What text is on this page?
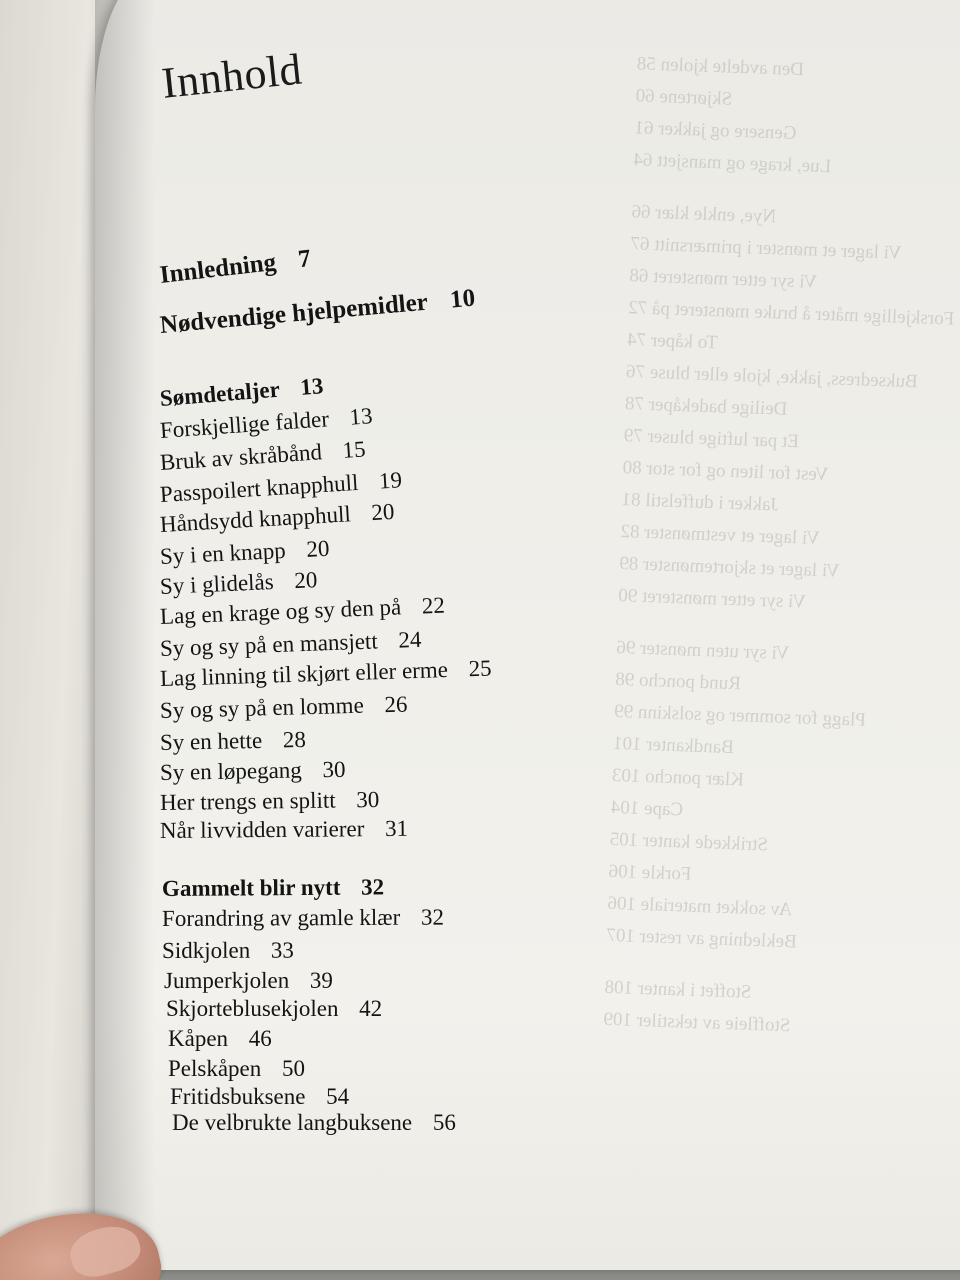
Den avdelte kjolen 58
Skjørtene 60
Gensere og jakker 61
Lue, krage og mansjett 64
Nye, enkle klær 66
Vi lager et mønster i primærsnitt 67
Vi syr etter mønsteret 68
Forskjellige måter å bruke mønsteret på 72
To kåper 74
Buksedress, jakke, kjole eller bluse 76
Deilige badekåper 78
Et par luftige bluser 79
Vest for liten og for stor 80
Jakker i duffelstil 81
Vi lager et vestmønster 82
Vi lager et skjortemønster 89
Vi syr etter mønsteret 90
Vi syr uten mønster 96
Rund poncho 98
Plagg for sommer og solskinn 99
Bandkanter 101
Klær poncho 103
Cape 104
Strikkede kanter 105
Forkle 106
Av sokket materiale 106
Bekledning av rester 107
Stoffet i kanter 108
Stoffleie av tekstiler 109
Innhold
Innledning 7
Nødvendige hjelpemidler 10
Sømdetaljer 13
Forskjellige falder 13
Bruk av skråbånd 15
Passpoilert knapphull 19
Håndsydd knapphull 20
Sy i en knapp 20
Sy i glidelås 20
Lag en krage og sy den på 22
Sy og sy på en mansjett 24
Lag linning til skjørt eller erme 25
Sy og sy på en lomme 26
Sy en hette 28
Sy en løpegang 30
Her trengs en splitt 30
Når livvidden varierer 31
Gammelt blir nytt 32
Forandring av gamle klær 32
Sidkjolen 33
Jumperkjolen 39
Skjorteblusekjolen 42
Kåpen 46
Pelskåpen 50
Fritidsbuksene 54
De velbrukte langbuksene 56
